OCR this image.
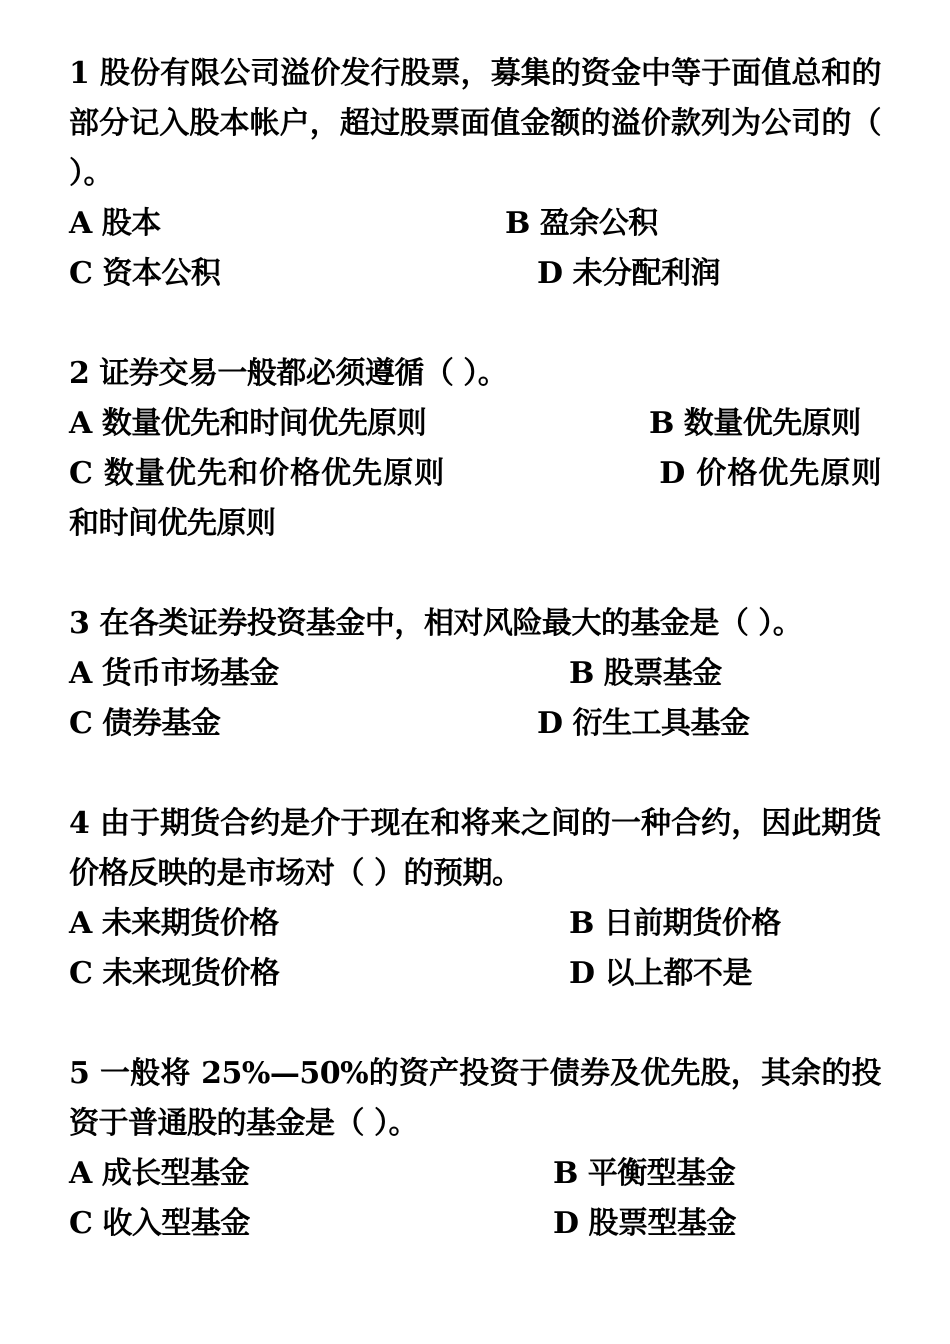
1 股份有限公司溢价发行股票，募集的资金中等于面值总和的部分记入股本帐户，超过股票面值金额的溢价款列为公司的（ ）。

A 股本	B 盈余公积
C 资本公积	D 未分配利润

2 证券交易一般都必须遵循（ ）。

A 数量优先和时间优先原则	B 数量优先原则

C 数量优先和价格优先原则	D 价格优先原则和时间优先原则

3 在各类证券投资基金中，相对风险最大的基金是（ ）。

A 货币市场基金	B 股票基金
C 债券基金	D 衍生工具基金

4 由于期货合约是介于现在和将来之间的一种合约，因此期货价格反映的是市场对（ ）的预期。

A 未来期货价格	B 日前期货价格
C 未来现货价格	D 以上都不是

5 一般将 25%—50%的资产投资于债券及优先股，其余的投资于普通股的基金是（ ）。

A 成长型基金	B 平衡型基金
C 收入型基金	D 股票型基金
